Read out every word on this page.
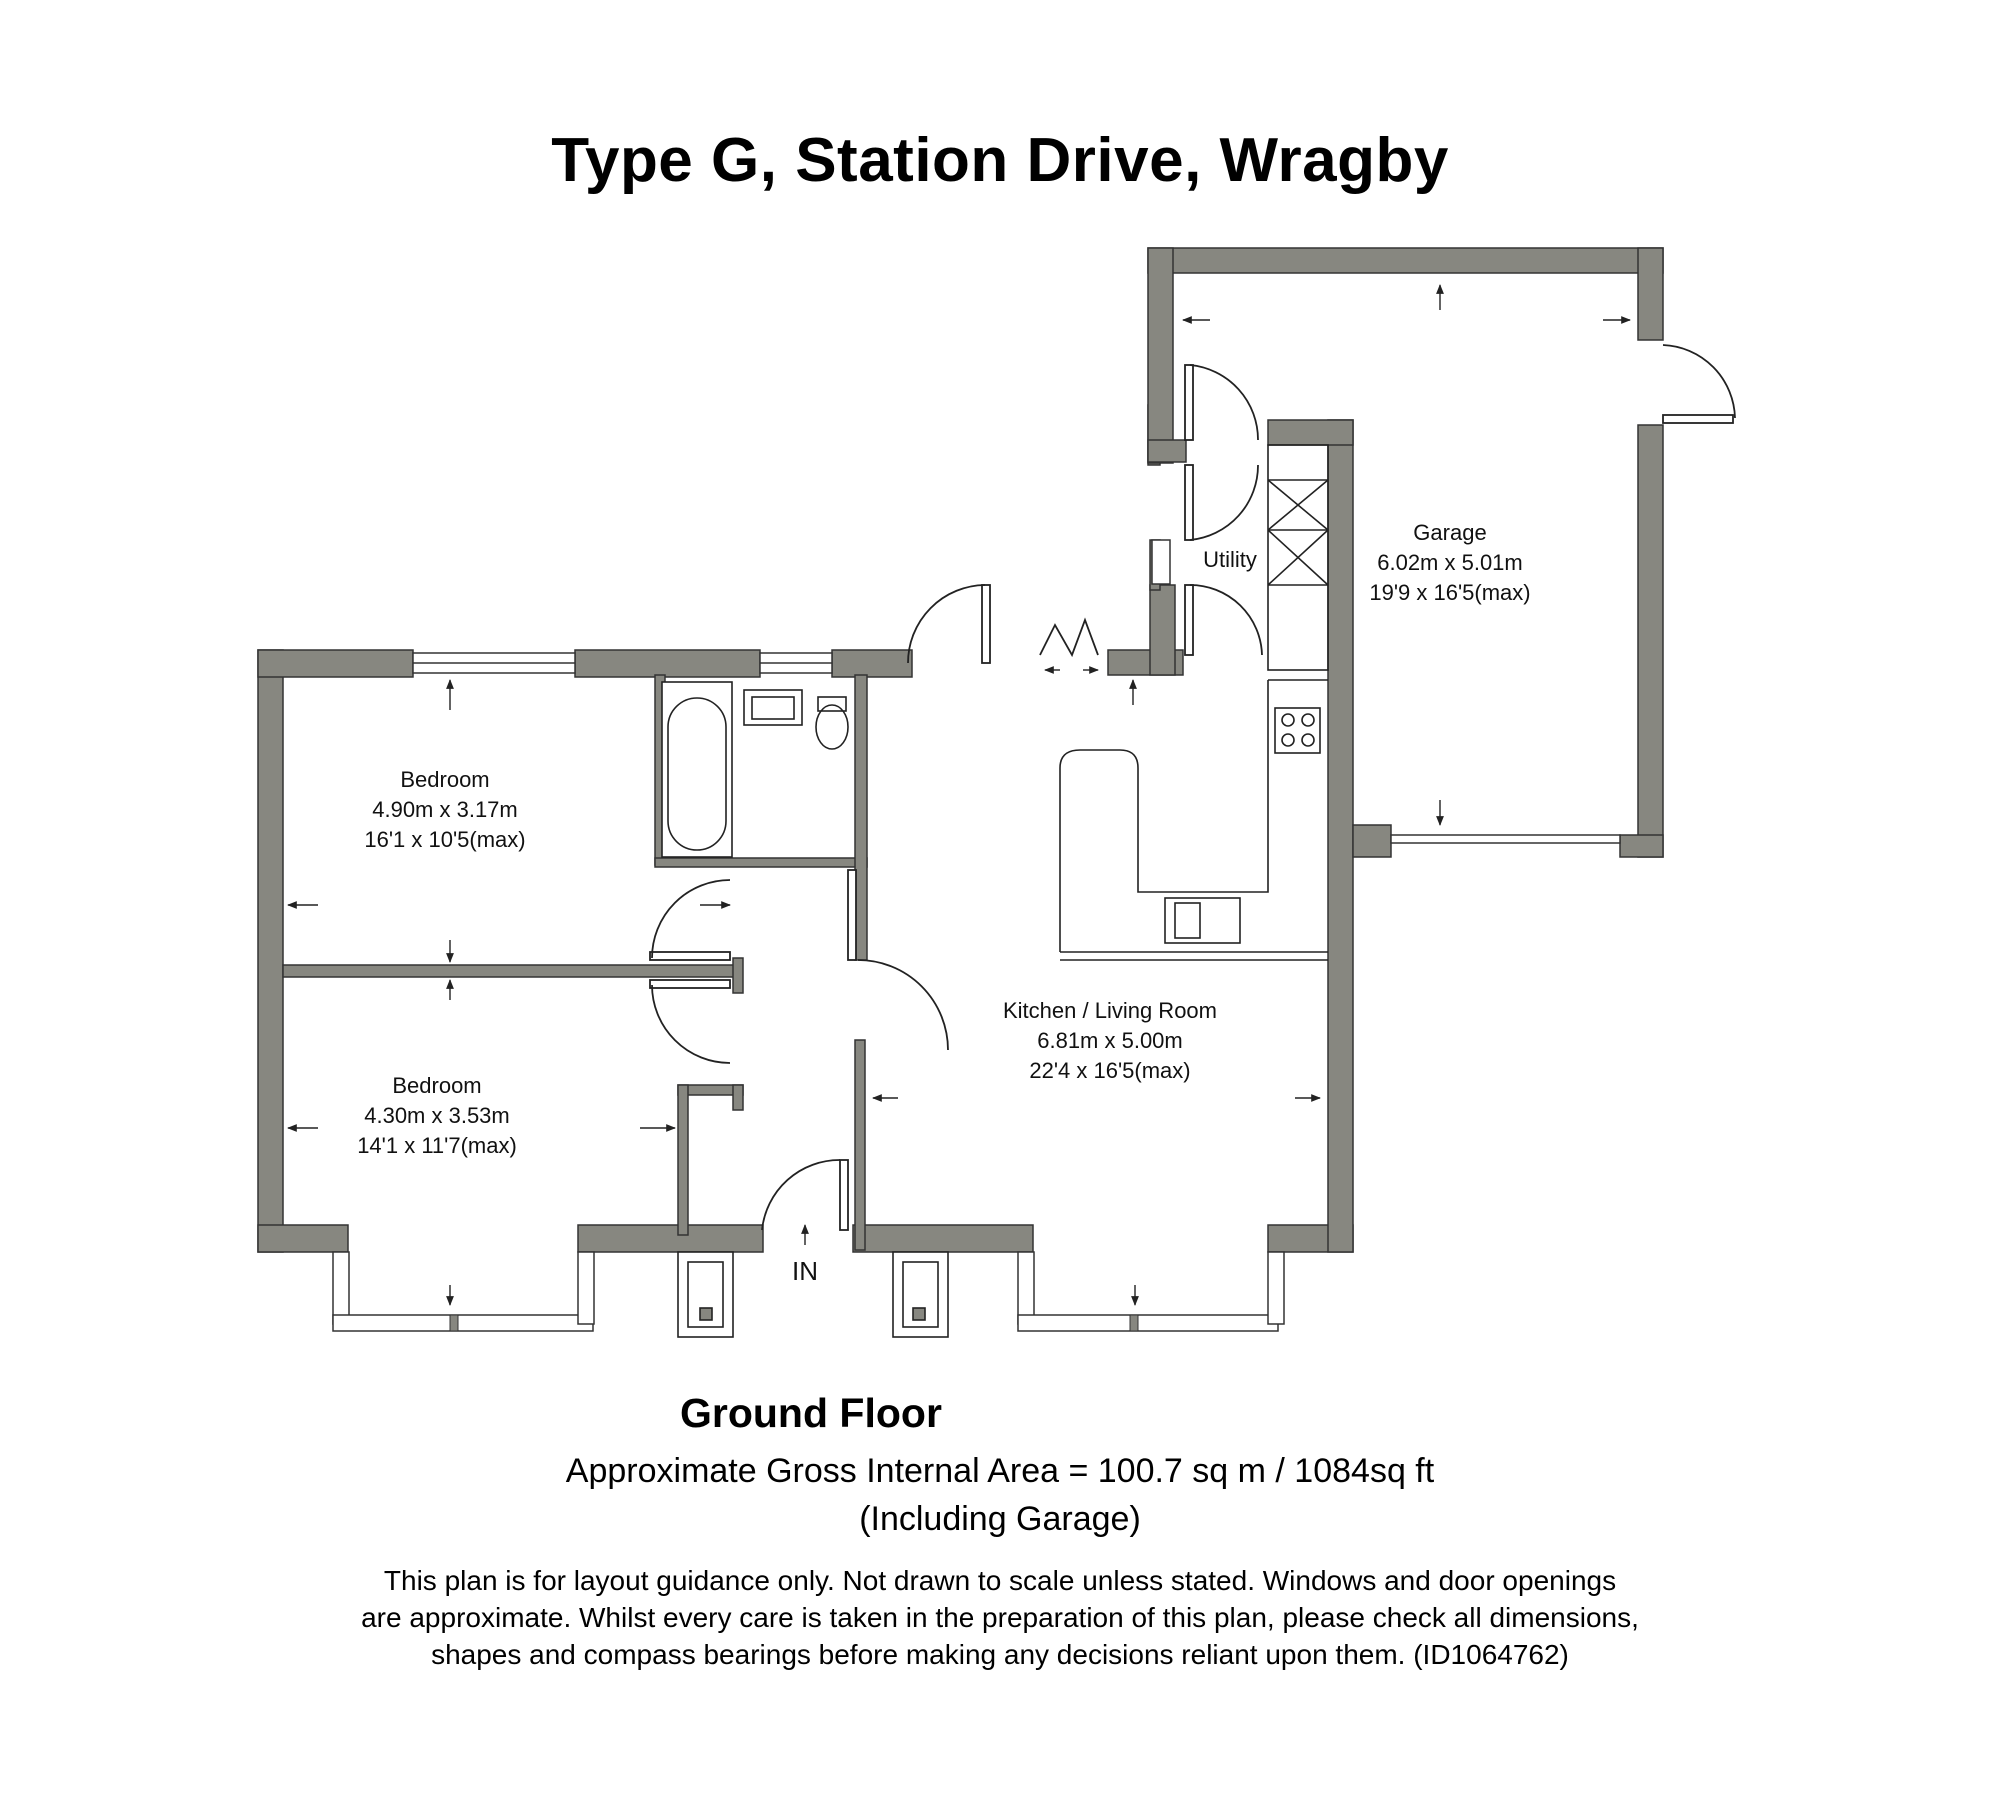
Type G, Station Drive, Wragby
Bedroom
4.90m x 3.17m
16'1 x 10'5(max)
Bedroom
4.30m x 3.53m
14'1 x 11'7(max)
Kitchen / Living Room
6.81m x 5.00m
22'4 x 16'5(max)
Utility
Garage
6.02m x 5.01m
19'9 x 16'5(max)
IN
Ground Floor
Approximate Gross Internal Area = 100.7 sq m / 1084sq ft
(Including Garage)
This plan is for layout guidance only. Not drawn to scale unless stated. Windows and door openings
are approximate. Whilst every care is taken in the preparation of this plan, please check all dimensions,
shapes and compass bearings before making any decisions reliant upon them. (ID1064762)
